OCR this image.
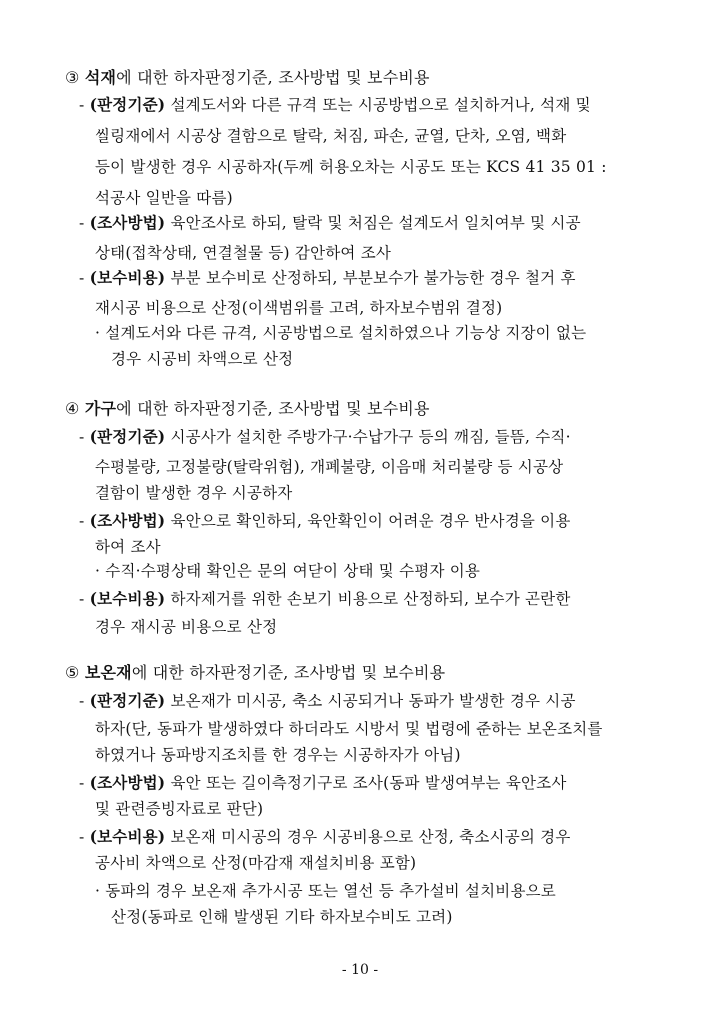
③ 석재에 대한 하자판정기준, 조사방법 및 보수비용
- (판정기준) 설계도서와 다른 규격 또는 시공방법으로 설치하거나, 석재 및
씰링재에서 시공상 결함으로 탈락, 처짐, 파손, 균열, 단차, 오염, 백화
등이 발생한 경우 시공하자(두께 허용오차는 시공도 또는 KCS 41 35 01 :
석공사 일반을 따름)
- (조사방법) 육안조사로 하되, 탈락 및 처짐은 설계도서 일치여부 및 시공
상태(접착상태, 연결철물 등) 감안하여 조사
- (보수비용) 부분 보수비로 산정하되, 부분보수가 불가능한 경우 철거 후
재시공 비용으로 산정(이색범위를 고려, 하자보수범위 결정)
· 설계도서와 다른 규격, 시공방법으로 설치하였으나 기능상 지장이 없는
경우 시공비 차액으로 산정
④ 가구에 대한 하자판정기준, 조사방법 및 보수비용
- (판정기준) 시공사가 설치한 주방가구·수납가구 등의 깨짐, 들뜸, 수직·
수평불량, 고정불량(탈락위험), 개폐불량, 이음매 처리불량 등 시공상
결함이 발생한 경우 시공하자
- (조사방법) 육안으로 확인하되, 육안확인이 어려운 경우 반사경을 이용
하여 조사
· 수직·수평상태 확인은 문의 여닫이 상태 및 수평자 이용
- (보수비용) 하자제거를 위한 손보기 비용으로 산정하되, 보수가 곤란한
경우 재시공 비용으로 산정
⑤ 보온재에 대한 하자판정기준, 조사방법 및 보수비용
- (판정기준) 보온재가 미시공, 축소 시공되거나 동파가 발생한 경우 시공
하자(단, 동파가 발생하였다 하더라도 시방서 및 법령에 준하는 보온조치를
하였거나 동파방지조치를 한 경우는 시공하자가 아님)
- (조사방법) 육안 또는 길이측정기구로 조사(동파 발생여부는 육안조사
및 관련증빙자료로 판단)
- (보수비용) 보온재 미시공의 경우 시공비용으로 산정, 축소시공의 경우
공사비 차액으로 산정(마감재 재설치비용 포함)
· 동파의 경우 보온재 추가시공 또는 열선 등 추가설비 설치비용으로
산정(동파로 인해 발생된 기타 하자보수비도 고려)
- 10 -
